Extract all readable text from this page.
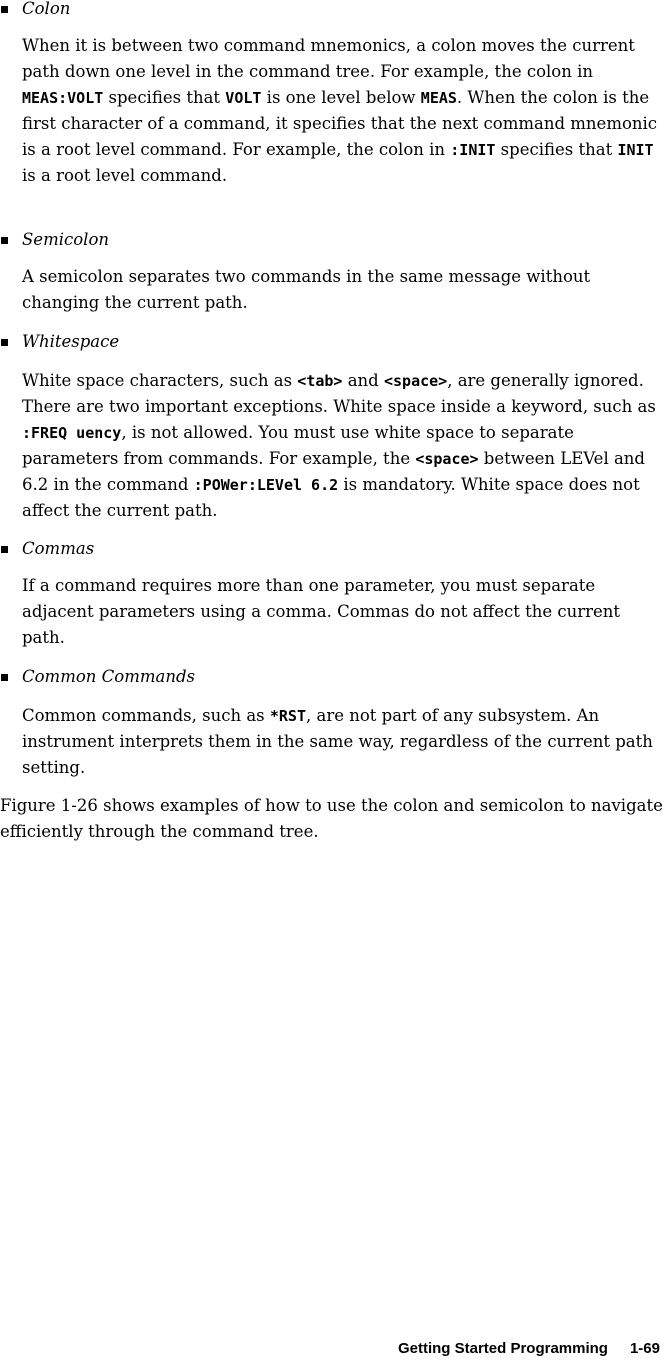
Colon
When it is between two command mnemonics, a colon moves the current path down one level in the command tree. For example, the colon in MEAS:VOLT specifies that VOLT is one level below MEAS. When the colon is the first character of a command, it specifies that the next command mnemonic is a root level command. For example, the colon in :INIT specifies that INIT is a root level command.
Semicolon
A semicolon separates two commands in the same message without changing the current path.
Whitespace
White space characters, such as <tab> and <space>, are generally ignored. There are two important exceptions. White space inside a keyword, such as :FREQ uency, is not allowed. You must use white space to separate parameters from commands. For example, the <space> between LEVel and 6.2 in the command :POWer:LEVel 6.2 is mandatory. White space does not affect the current path.
Commas
If a command requires more than one parameter, you must separate adjacent parameters using a comma. Commas do not affect the current path.
Common Commands
Common commands, such as *RST, are not part of any subsystem. An instrument interprets them in the same way, regardless of the current path setting.
Figure 1-26 shows examples of how to use the colon and semicolon to navigate efficiently through the command tree.
Getting Started Programming 1-69
